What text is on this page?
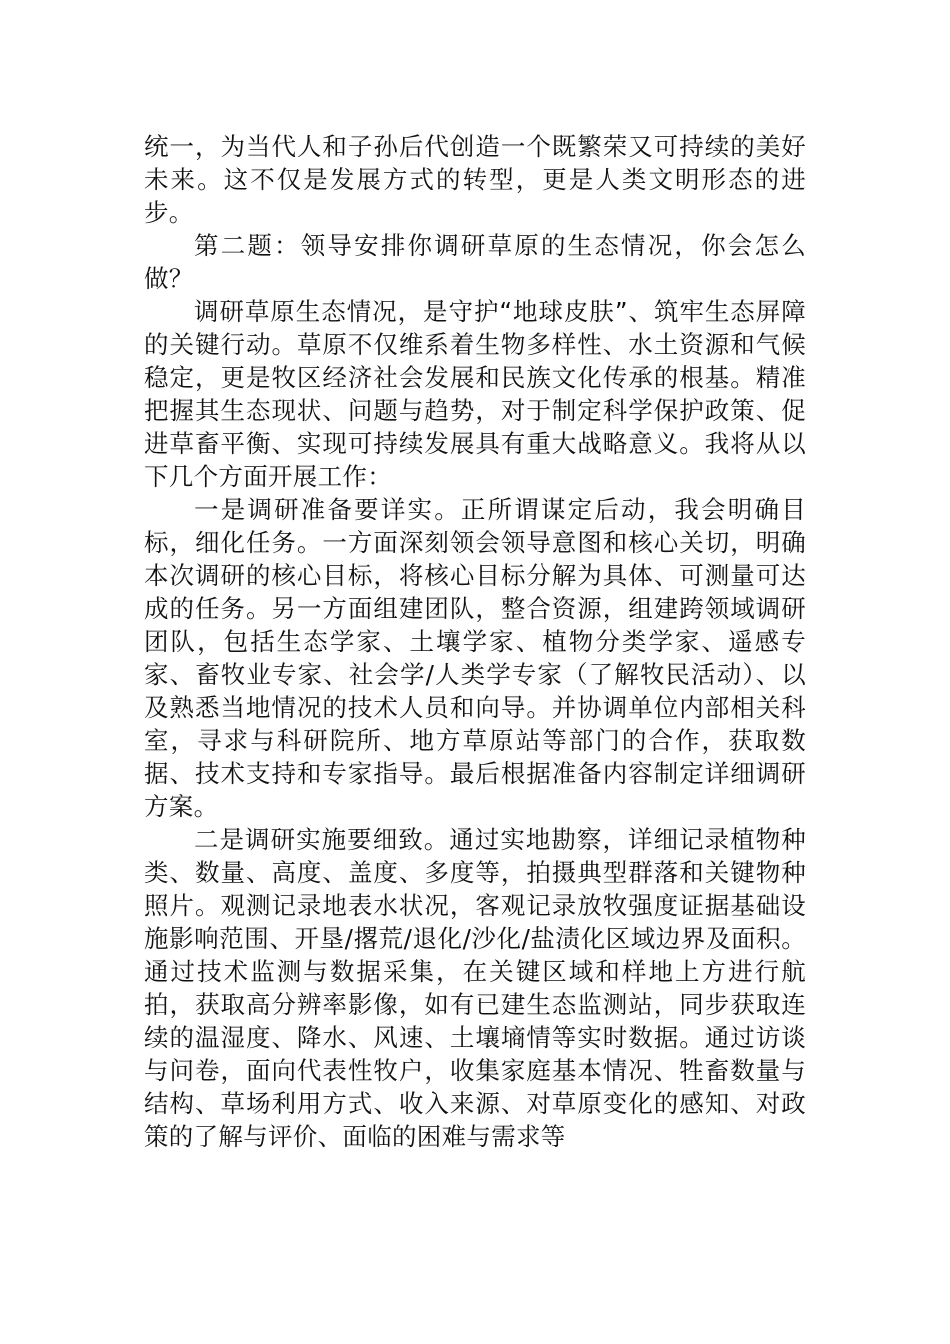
统一，为当代人和子孙后代创造一个既繁荣又可持续的美好未来。这不仅是发展方式的转型，更是人类文明形态的进步。

第二题：领导安排你调研草原的生态情况，你会怎么做？

调研草原生态情况，是守护“地球皮肤”、筑牢生态屏障的关键行动。草原不仅维系着生物多样性、水土资源和气候稳定，更是牧区经济社会发展和民族文化传承的根基。精准把握其生态现状、问题与趋势，对于制定科学保护政策、促进草畜平衡、实现可持续发展具有重大战略意义。我将从以下几个方面开展工作：

一是调研准备要详实。正所谓谋定后动，我会明确目标，细化任务。一方面深刻领会领导意图和核心关切，明确本次调研的核心目标，将核心目标分解为具体、可测量可达成的任务。另一方面组建团队，整合资源，组建跨领域调研团队，包括生态学家、土壤学家、植物分类学家、遥感专家、畜牧业专家、社会学/人类学专家（了解牧民活动）、以及熟悉当地情况的技术人员和向导。并协调单位内部相关科室，寻求与科研院所、地方草原站等部门的合作，获取数据、技术支持和专家指导。最后根据准备内容制定详细调研方案。

二是调研实施要细致。通过实地勘察，详细记录植物种类、数量、高度、盖度、多度等，拍摄典型群落和关键物种照片。观测记录地表水状况，客观记录放牧强度证据基础设施影响范围、开垦/撂荒/退化/沙化/盐渍化区域边界及面积。通过技术监测与数据采集，在关键区域和样地上方进行航拍，获取高分辨率影像，如有已建生态监测站，同步获取连续的温湿度、降水、风速、土壤墒情等实时数据。通过访谈与问卷，面向代表性牧户，收集家庭基本情况、牲畜数量与结构、草场利用方式、收入来源、对草原变化的感知、对政策的了解与评价、面临的困难与需求等
